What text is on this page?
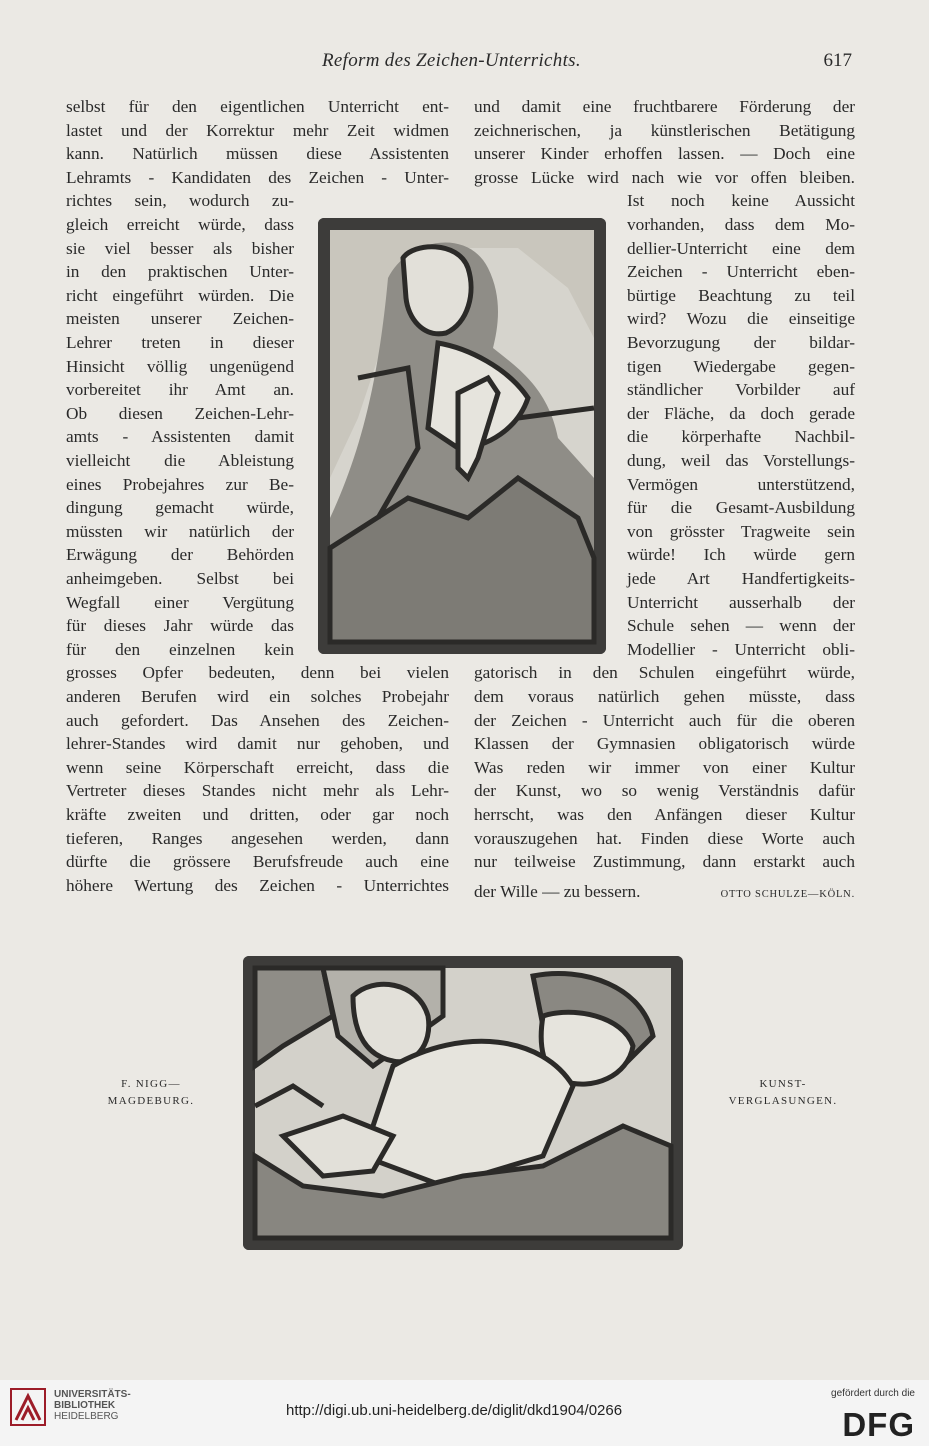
Reform des Zeichen-Unterrichts.	617
selbst für den eigentlichen Unterricht ent-
lastet und der Korrektur mehr Zeit widmen
kann. Natürlich müssen diese Assistenten
Lehramts - Kandidaten des Zeichen - Unter-
richtes sein, wodurch zu-
gleich erreicht würde, dass
sie viel besser als bisher
in den praktischen Unter-
richt eingeführt würden. Die
meisten unserer Zeichen-
Lehrer treten in dieser
Hinsicht völlig ungenügend
vorbereitet ihr Amt an.
Ob diesen Zeichen-Lehr-
amts - Assistenten damit
vielleicht die Ableistung
eines Probejahres zur Be-
dingung gemacht würde,
müssten wir natürlich der
Erwägung der Behörden
anheimgeben. Selbst bei
Wegfall einer Vergütung
für dieses Jahr würde das
für den einzelnen kein
grosses Opfer bedeuten, denn bei vielen
anderen Berufen wird ein solches Probejahr
auch gefordert. Das Ansehen des Zeichen-
lehrer-Standes wird damit nur gehoben, und
wenn seine Körperschaft erreicht, dass die
Vertreter dieses Standes nicht mehr als Lehr-
kräfte zweiten und dritten, oder gar noch
tieferen, Ranges angesehen werden, dann
dürfte die grössere Berufsfreude auch eine
höhere Wertung des Zeichen - Unterrichtes
und damit eine fruchtbarere Förderung der
zeichnerischen, ja künstlerischen Betätigung
unserer Kinder erhoffen lassen. — Doch eine
grosse Lücke wird nach wie vor offen bleiben.
Ist noch keine Aussicht
vorhanden, dass dem Mo-
dellier-Unterricht eine dem
Zeichen - Unterricht eben-
bürtige Beachtung zu teil
wird? Wozu die einseitige
Bevorzugung der bildar-
tigen Wiedergabe gegen-
ständlicher Vorbilder auf
der Fläche, da doch gerade
die körperhafte Nachbil-
dung, weil das Vorstellungs-
Vermögen unterstützend,
für die Gesamt-Ausbildung
von grösster Tragweite sein
würde! Ich würde gern
jede Art Handfertigkeits-
Unterricht ausserhalb der
Schule sehen — wenn der
Modellier - Unterricht obli-
gatorisch in den Schulen eingeführt würde,
dem voraus natürlich gehen müsste, dass
der Zeichen - Unterricht auch für die oberen
Klassen der Gymnasien obligatorisch würde
Was reden wir immer von einer Kultur
der Kunst, wo so wenig Verständnis dafür
herrscht, was den Anfängen dieser Kultur
vorauszugehen hat. Finden diese Worte auch
nur teilweise Zustimmung, dann erstarkt auch
der Wille — zu bessern.	OTTO SCHULZE—KÖLN.
F. NIGG—
MAGDEBURG.
KUNST-
VERGLASUNGEN.
UNIVERSITÄTS-
BIBLIOTHEK
HEIDELBERG	http://digi.ub.uni-heidelberg.de/diglit/dkd1904/0266
gefördert durch die
DFG
